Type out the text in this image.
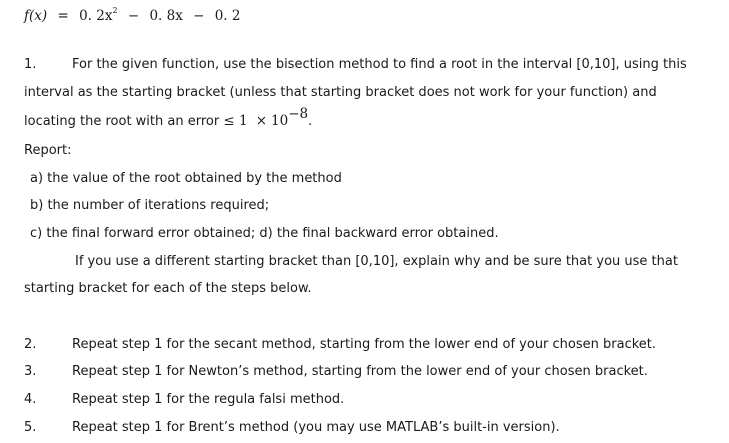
f(x) = 0. $2x^2 - 0$. 8x − 0. 2
1.	For the given function, use the bisection method to find a root in the interval [0,10], using this
interval as the starting bracket (unless that starting bracket does not work for your function) and
locating the root with an error ≤ $1 \times 10^{-8}$.
Report:
a) the value of the root obtained by the method
b) the number of iterations required;
c) the final forward error obtained; d) the final backward error obtained.
If you use a different starting bracket than [0,10], explain why and be sure that you use that
starting bracket for each of the steps below.
2.	Repeat step 1 for the secant method, starting from the lower end of your chosen bracket.
3.	Repeat step 1 for Newton’s method, starting from the lower end of your chosen bracket.
4.	Repeat step 1 for the regula falsi method.
5.	Repeat step 1 for Brent’s method (you may use MATLAB’s built-in version).
